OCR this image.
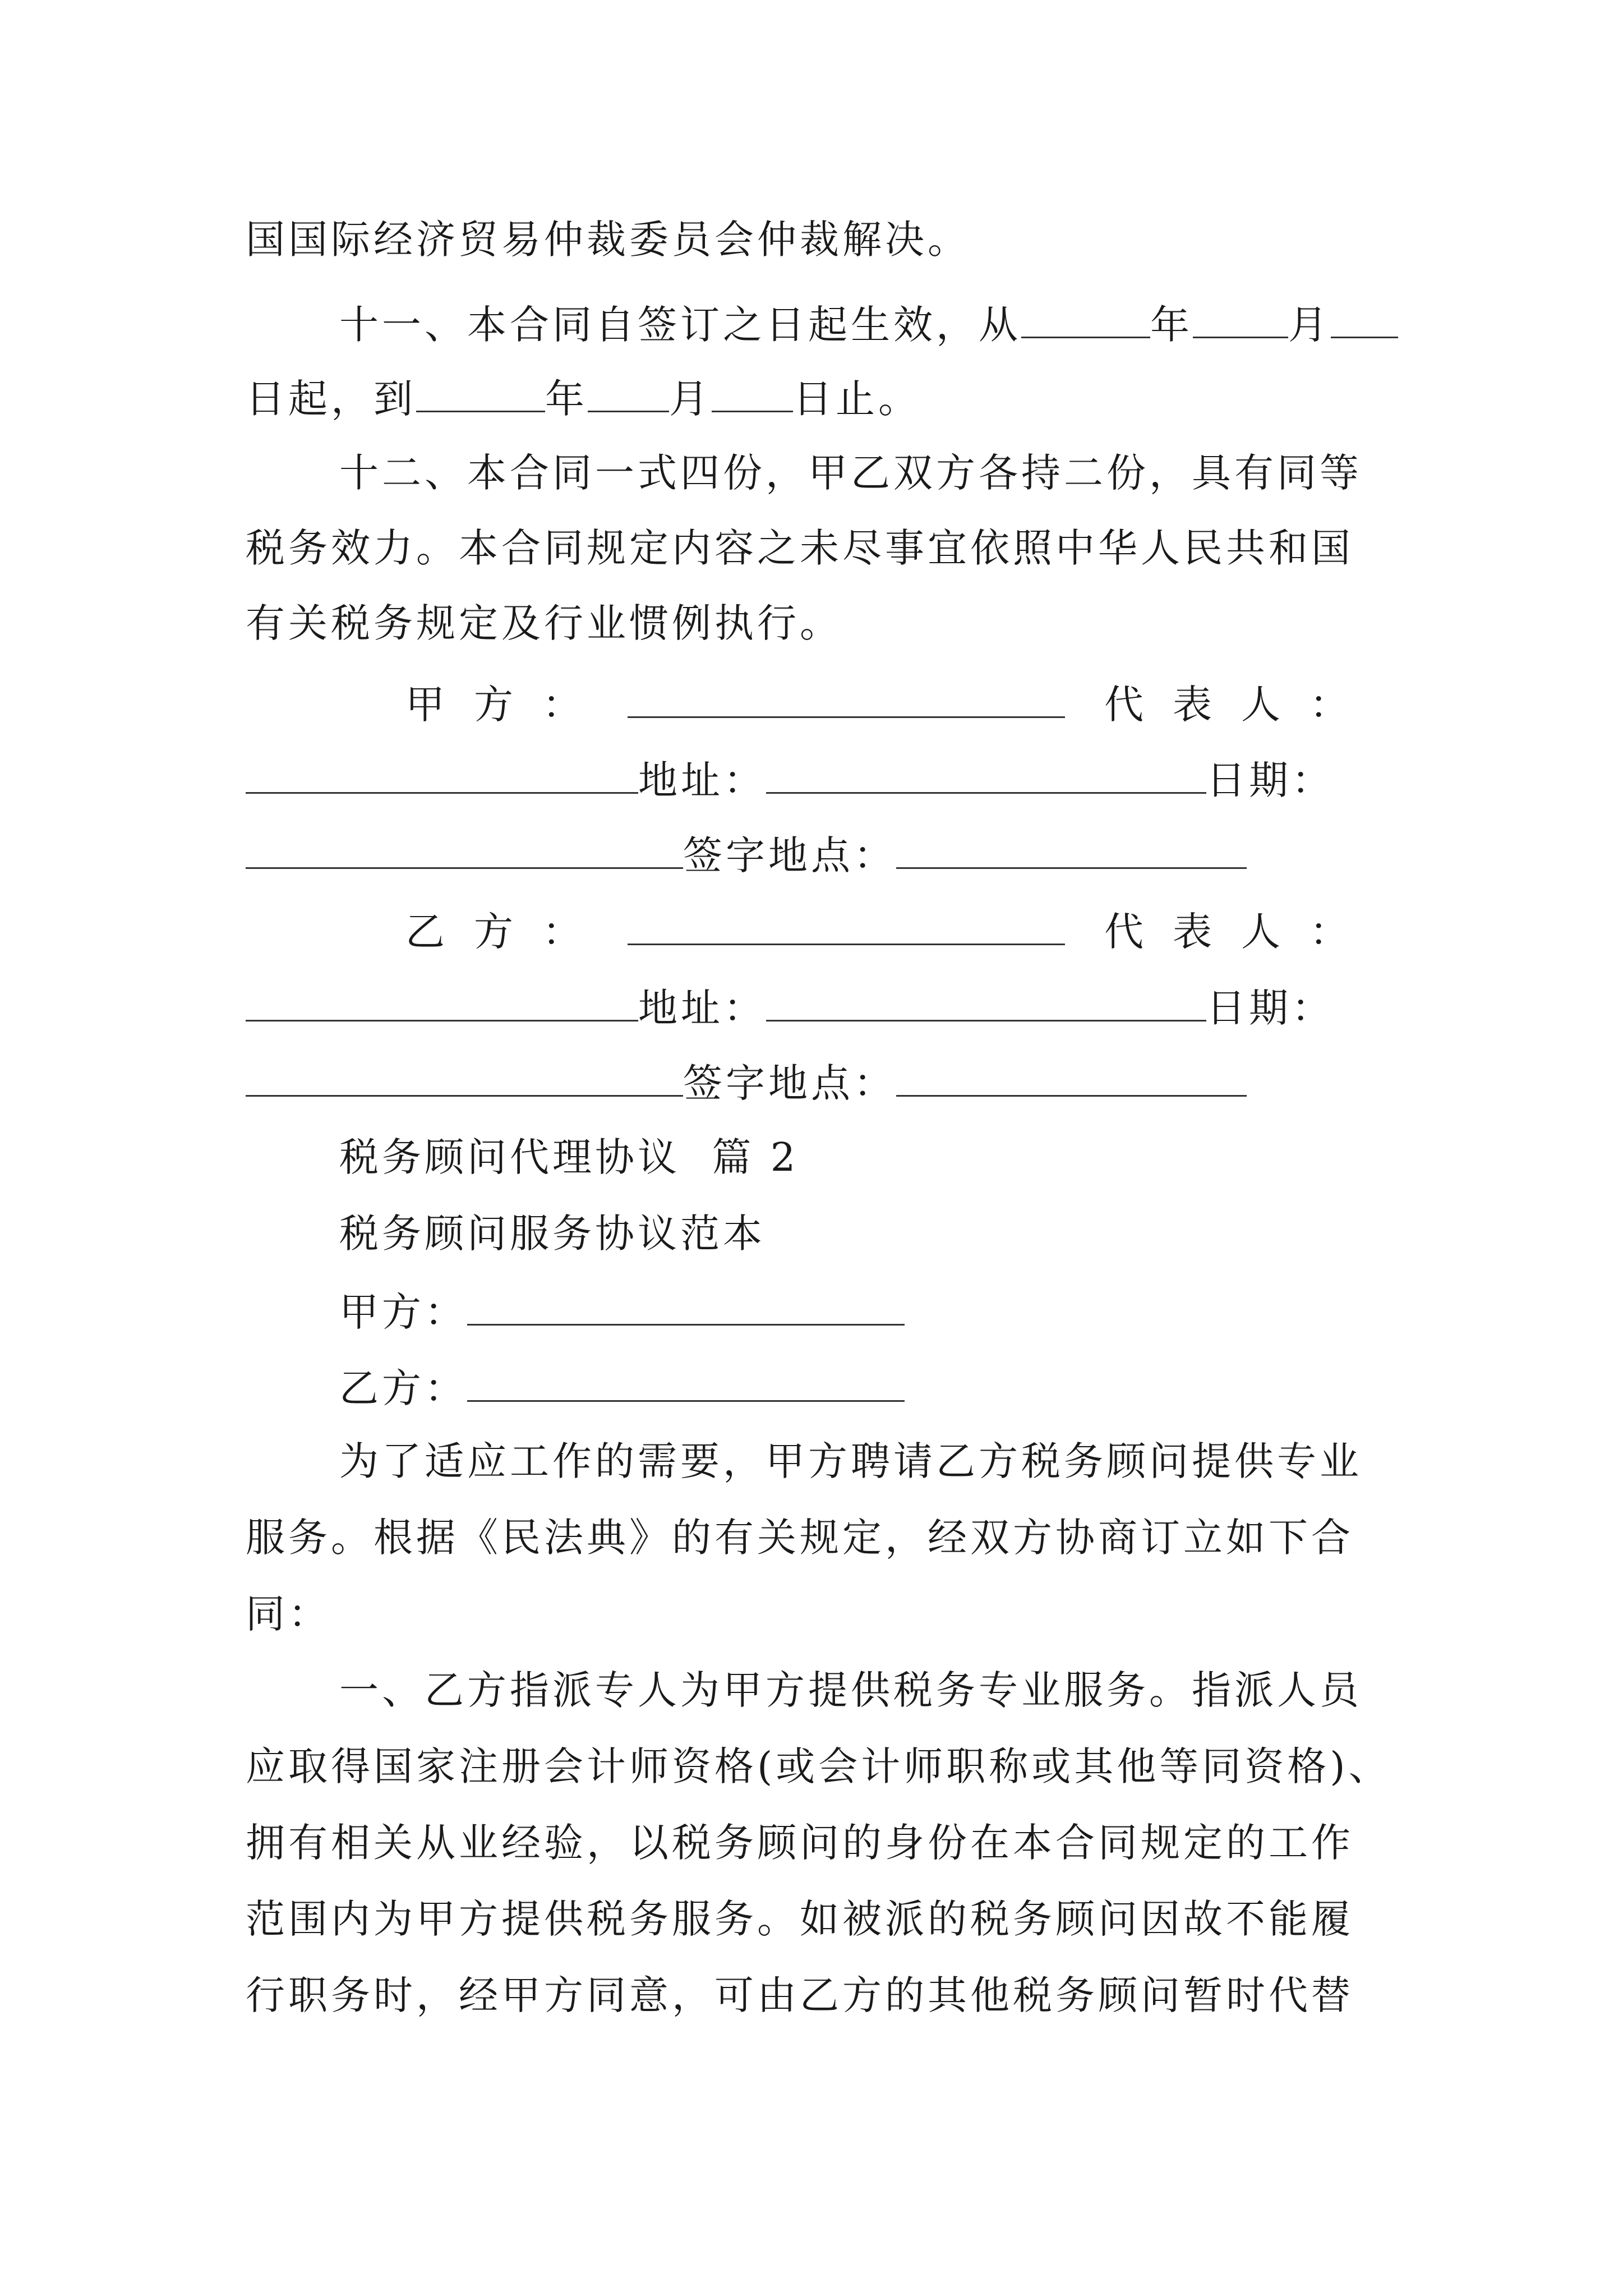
国国际经济贸易仲裁委员会仲裁解决。
十一、本合同自签订之日起生效，从	年 月
日起，到	年 月 日止。
十二、本合同一式四份，甲乙双方各持二份，具有同等
税务效力。本合同规定内容之未尽事宜依照中华人民共和国
有关税务规定及行业惯例执行。
甲方：	代表人：
地址：	日期：
签字地点：
乙方：	代表人：
地址：	日期：
签字地点：
税务顾问代理协议  篇 2
税务顾问服务协议范本
甲方：
乙方：
为了适应工作的需要，甲方聘请乙方税务顾问提供专业
服务。根据《民法典》的有关规定，经双方协商订立如下合
同：
一、乙方指派专人为甲方提供税务专业服务。指派人员
应取得国家注册会计师资格(或会计师职称或其他等同资格)、
拥有相关从业经验，以税务顾问的身份在本合同规定的工作
范围内为甲方提供税务服务。如被派的税务顾问因故不能履
行职务时，经甲方同意，可由乙方的其他税务顾问暂时代替
